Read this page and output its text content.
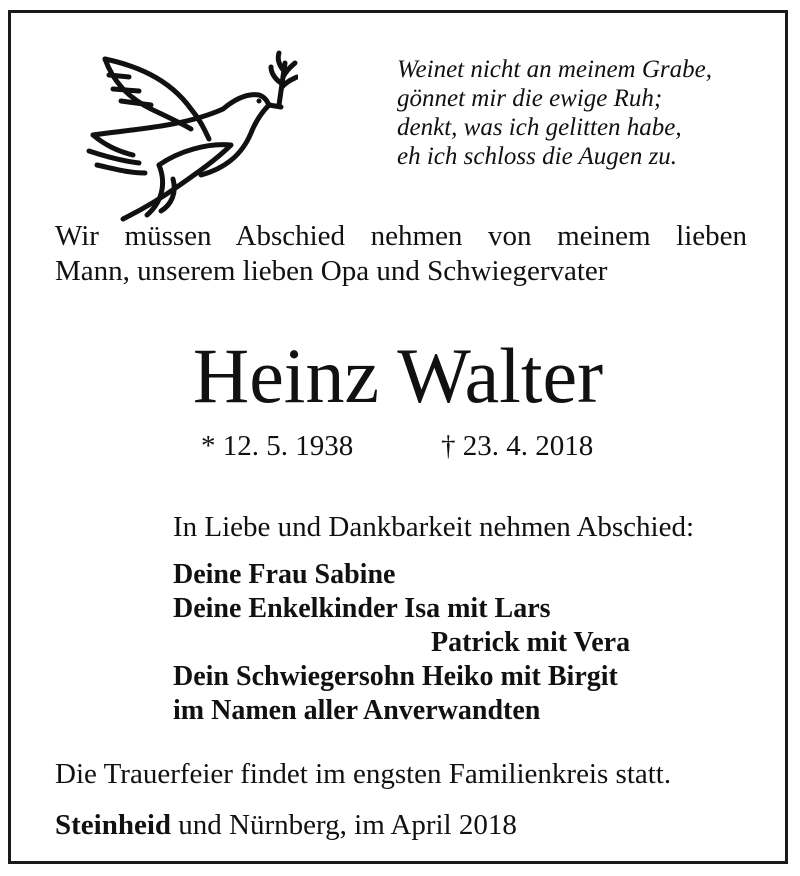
Weinet nicht an meinem Grabe,
gönnet mir die ewige Ruh;
denkt, was ich gelitten habe,
eh ich schloss die Augen zu.
Wir müssen Abschied nehmen von meinem lieben
Mann, unserem lieben Opa und Schwiegervater
Heinz Walter
* 12. 5. 1938	† 23. 4. 2018
In Liebe und Dankbarkeit nehmen Abschied:
Deine Frau Sabine
Deine Enkelkinder Isa mit Lars
Patrick mit Vera
Dein Schwiegersohn Heiko mit Birgit
im Namen aller Anverwandten
Die Trauerfeier findet im engsten Familienkreis statt.
Steinheid und Nürnberg, im April 2018
